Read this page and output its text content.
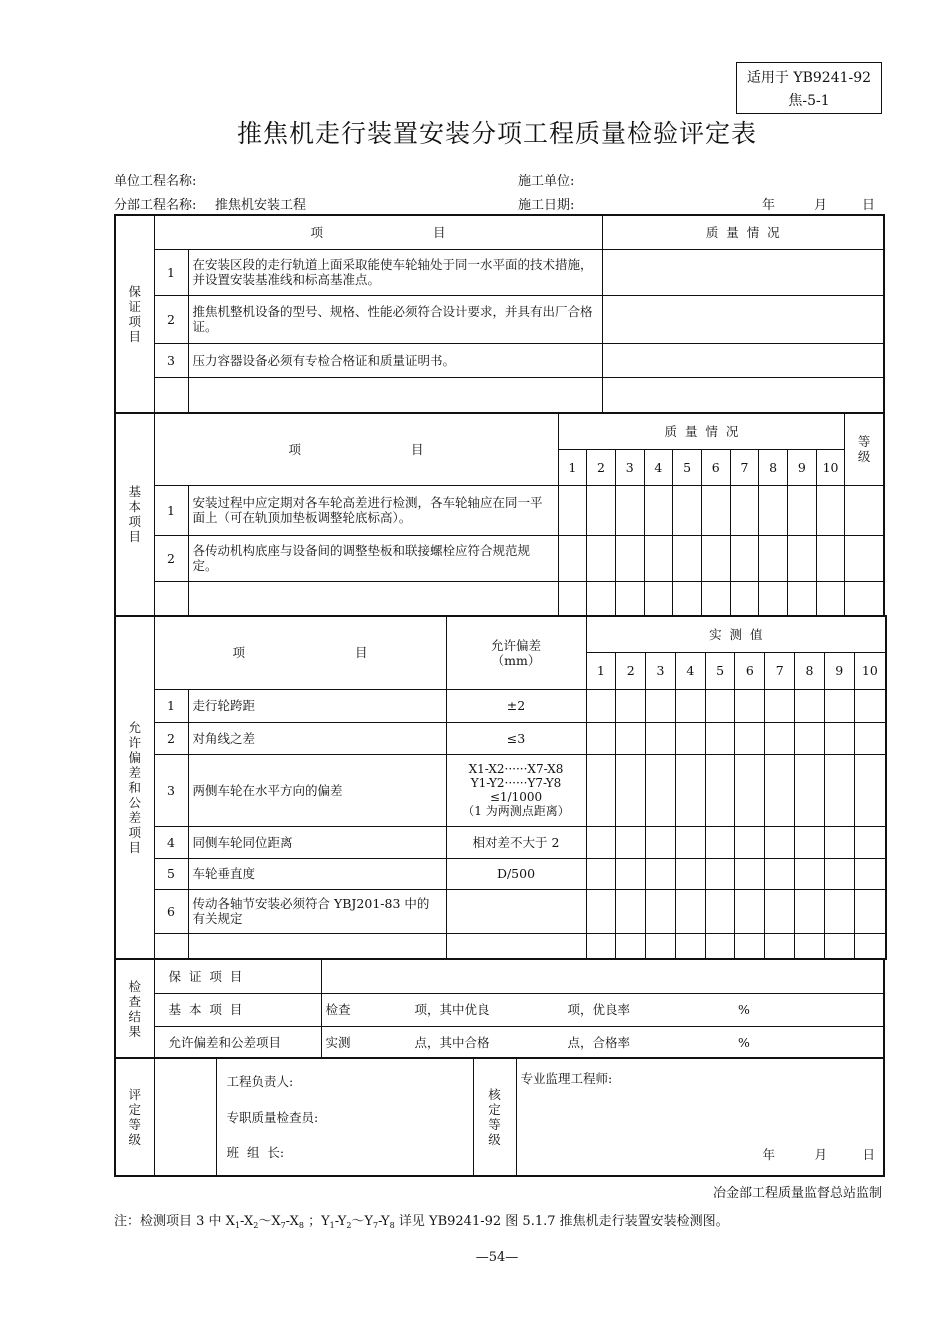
适用于 YB9241-92
焦-5-1
推焦机走行装置安装分项工程质量检验评定表
单位工程名称:	施工单位:
分部工程名称: 推焦机安装工程	施工日期:	年	月	日
保证项目	项 目		质  量  情  况
	1	在安装区段的走行轨道上面采取能使车轮轴处于同一水平面的技术措施，并设置安装基准线和标高基准点。	
	2	推焦机整机设备的型号、规格、性能必须符合设计要求，并具有出厂合格证。	
	3	压力容器设备必须有专检合格证和质量证明书。	

基本项目	项 目		质  量  情  况										等级

			1	2	3	4	5	6	7	8	9	10	
	1	安装过程中应定期对各车轮高差进行检测，各车轮轴应在同一平面上（可在轨顶加垫板调整轮底标高）。											
	2	各传动机构底座与设备间的调整垫板和联接螺栓应符合规范规定。											

允许偏差和公差项目	项 目		允许偏差
（mm）	实  测  值									
				1	2	3	4	5	6	7	8	9	10
	1	走行轮跨距	±2										
	2	对角线之差	≤3										
	3	两侧车轮在水平方向的偏差	X1-X2······X7-X8
Y1-Y2······Y7-Y8
≤1/1000
（1 为两测点距离）										

	4	同侧车轮同位距离	相对差不大于 2										
	5	车轮垂直度	D/500										
	6	传动各轴节安装必须符合 YBJ201-83 中的有关规定											

检查结果	保  证  项  目	
	基  本  项  目	检查 项，其中优良 项，优良率 %
	允许偏差和公差项目	实测 点，其中合格 点，合格率 %
评定等级

工程负责人:
专职质量检查员:
班  组  长:

核定等级

专业监理工程师:
年	月	日
冶金部工程质量监督总站监制
注：检测项目 3 中 $X_1-X_2\sim X_7-X_8$ ；$Y_1-Y_2\sim Y_7-Y_8$ 详见 YB9241-92 图 5.1.7 推焦机走行装置安装检测图。
—54—
